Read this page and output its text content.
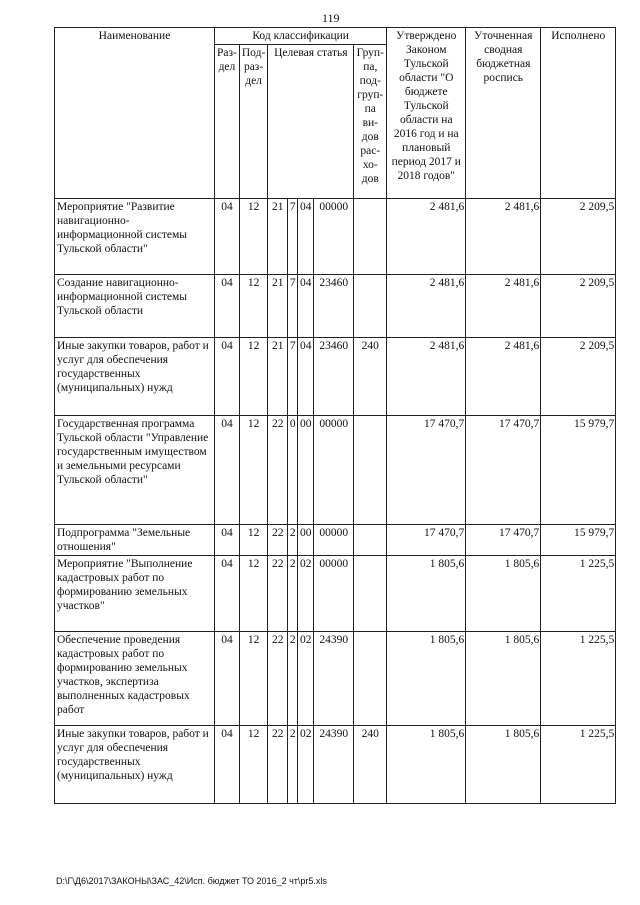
119
Наименование	Код классификации							Утверждено Законом Тульской области "О бюджете Тульской области на 2016 год и на плановый период 2017 и 2018 годов"	Уточненная сводная бюджетная роспись	Исполнено
	Раз- дел	Под- раз- дел	Целевая статья				Груп- па, под- груп- па ви- дов рас- хо- дов			
Мероприятие "Развитие навигационно-информационной системы Тульской области"	04	12	21	7	04	00000		2 481,6	2 481,6	2 209,5
Создание навигационно-информационной системы Тульской области	04	12	21	7	04	23460		2 481,6	2 481,6	2 209,5
Иные закупки товаров, работ и услуг для обеспечения государственных (муниципальных) нужд	04	12	21	7	04	23460	240	2 481,6	2 481,6	2 209,5
Государственная программа Тульской области "Управление государственным имуществом и земельными ресурсами Тульской области"	04	12	22	0	00	00000		17 470,7	17 470,7	15 979,7
Подпрограмма "Земельные отношения"	04	12	22	2	00	00000		17 470,7	17 470,7	15 979,7
Мероприятие "Выполнение кадастровых работ по формированию земельных участков"	04	12	22	2	02	00000		1 805,6	1 805,6	1 225,5
Обеспечение проведения кадастровых работ по формированию земельных участков, экспертиза выполненных кадастровых работ	04	12	22	2	02	24390		1 805,6	1 805,6	1 225,5
Иные закупки товаров, работ и услуг для обеспечения государственных (муниципальных) нужд	04	12	22	2	02	24390	240	1 805,6	1 805,6	1 225,5
D:\Г\Д6\2017\ЗАКОНЫ\ЗАС_42\Исп. бюджет ТО 2016_2 чт\pr5.xls
